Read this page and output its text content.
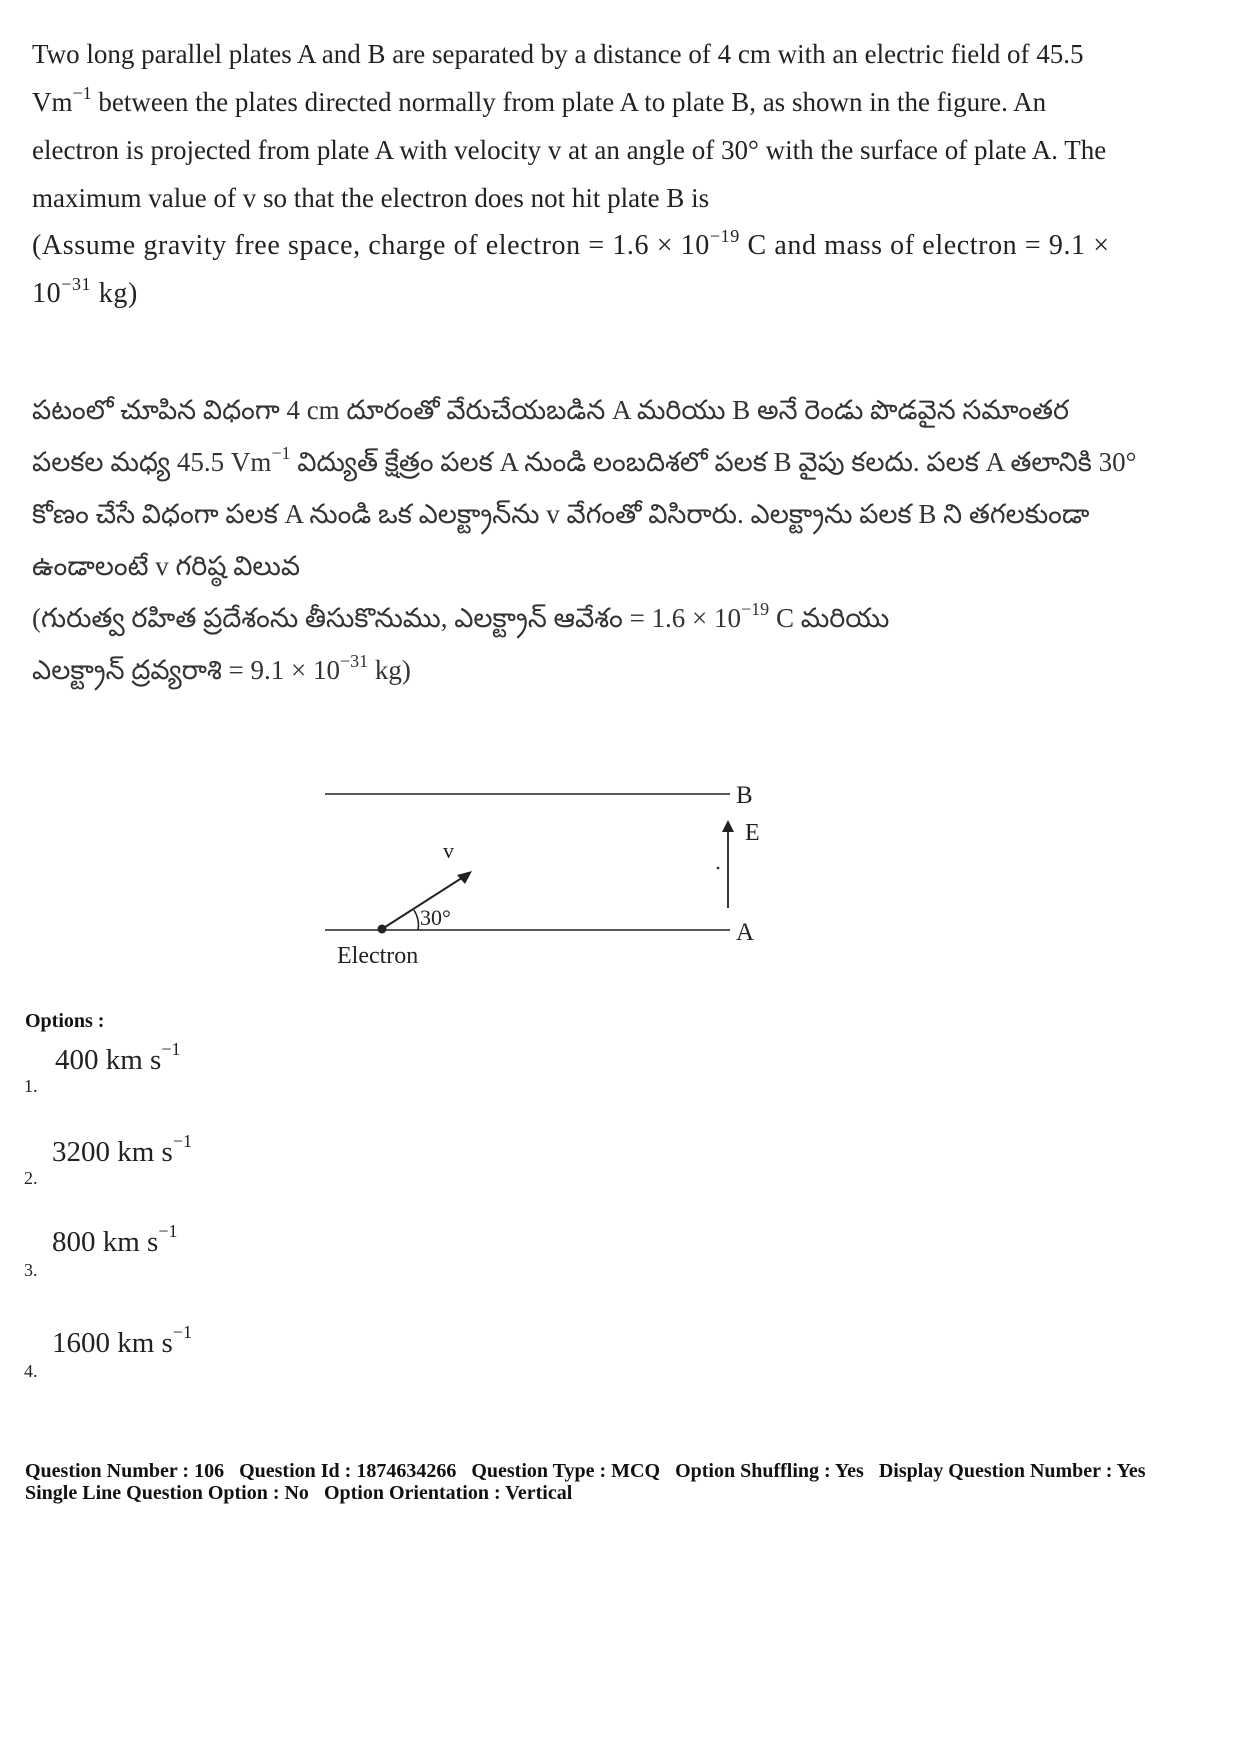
Two long parallel plates A and B are separated by a distance of 4 cm with an electric field of 45.5 $Vm^{-1}$ between the plates directed normally from plate A to plate B, as shown in the figure. An electron is projected from plate A with velocity v at an angle of 30° with the surface of plate A. The maximum value of v so that the electron does not hit plate B is
(Assume gravity free space, charge of electron = $1.6 \times 10^{-19}$ C and mass of electron = $9.1 \times 10^{-31}$ kg)
పటంలో చూపిన విధంగా 4 cm దూరంతో వేరుచేయబడిన A మరియు B అనే రెండు పొడవైన సమాంతర పలకల మధ్య 45.5 $Vm^{-1}$ విద్యుత్ క్షేత్రం పలక A నుండి లంబదిశలో పలక B వైపు కలదు. పలక A తలానికి 30° కోణం చేసే విధంగా పలక A నుండి ఒక ఎలక్ట్రాన్‌ను v వేగంతో విసిరారు. ఎలక్ట్రాను పలక B ని తగలకుండా ఉండాలంటే v గరిష్ఠ విలువ
(గురుత్వ రహిత ప్రదేశంను తీసుకొనుము, ఎలక్ట్రాన్ ఆవేశం = $1.6 \times 10^{-19}$ C మరియు
ఎలక్ట్రాన్ ద్రవ్యరాశి = $9.1 \times 10^{-31}$ kg)
B
A
E
v
30°
Electron
Options :
1.
400 km $s^{-1}$
2.
3200 km $s^{-1}$
3.
800 km $s^{-1}$
4.
1600 km $s^{-1}$
Question Number : 106 Question Id : 1874634266 Question Type : MCQ Option Shuffling : Yes Display Question Number : Yes
Single Line Question Option : No Option Orientation : Vertical
